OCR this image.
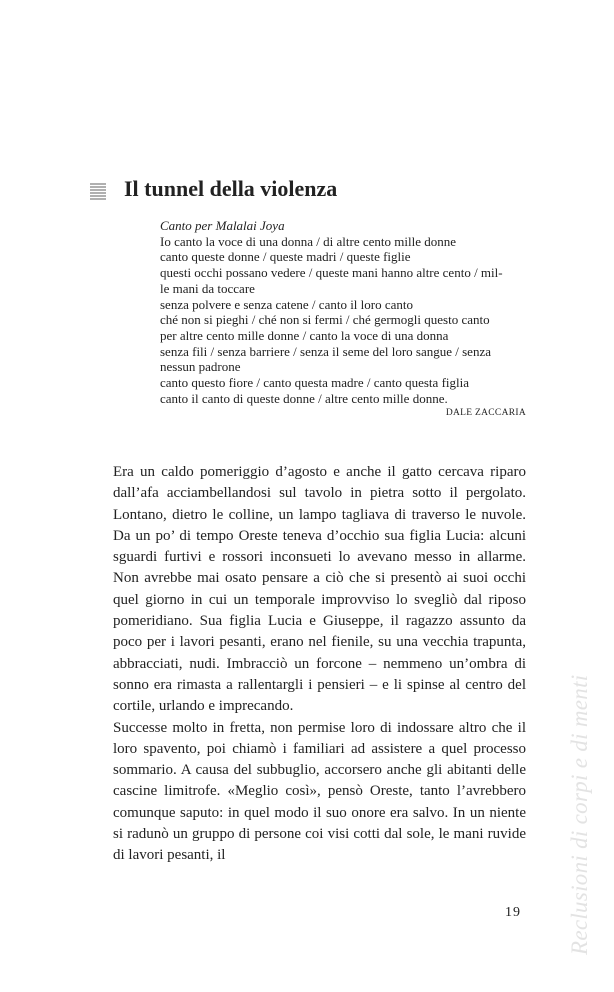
Il tunnel della violenza
Canto per Malalai Joya
Io canto la voce di una donna / di altre cento mille donne
canto queste donne / queste madri / queste figlie
questi occhi possano vedere / queste mani hanno altre cento / mil-
le mani da toccare
senza polvere e senza catene / canto il loro canto
ché non si pieghi / ché non si fermi / ché germogli questo canto
per altre cento mille donne / canto la voce di una donna
senza fili / senza barriere / senza il seme del loro sangue / senza
nessun padrone
canto questo fiore / canto questa madre / canto questa figlia
canto il canto di queste donne / altre cento mille donne.
DALE ZACCARIA

Era un caldo pomeriggio d’agosto e anche il gatto cercava riparo dall’afa acciambellandosi sul tavolo in pietra sotto il pergolato. Lontano, dietro le colline, un lampo tagliava di traverso le nuvole. Da un po’ di tempo Oreste teneva d’occhio sua figlia Lucia: alcuni sguardi furtivi e rossori inconsueti lo avevano messo in allarme. Non avrebbe mai osato pensare a ciò che si presentò ai suoi occhi quel giorno in cui un temporale improvviso lo svegliò dal riposo pomeridiano. Sua figlia Lucia e Giuseppe, il ragazzo assunto da poco per i lavori pesanti, erano nel fienile, su una vecchia trapunta, abbracciati, nudi. Imbracciò un forcone – nemmeno un’ombra di sonno era rimasta a rallentargli i pensieri – e li spinse al centro del cortile, urlando e imprecando.

Successe molto in fretta, non permise loro di indossare altro che il loro spavento, poi chiamò i familiari ad assistere a quel processo sommario. A causa del subbuglio, accorsero anche gli abitanti delle cascine limitrofe. «Meglio così», pensò Oreste, tanto l’avrebbero comunque saputo: in quel modo il suo onore era salvo. In un niente si radunò un gruppo di persone coi visi cotti dal sole, le mani ruvide di lavori pesanti, il

19 Reclusioni di corpi e di menti
